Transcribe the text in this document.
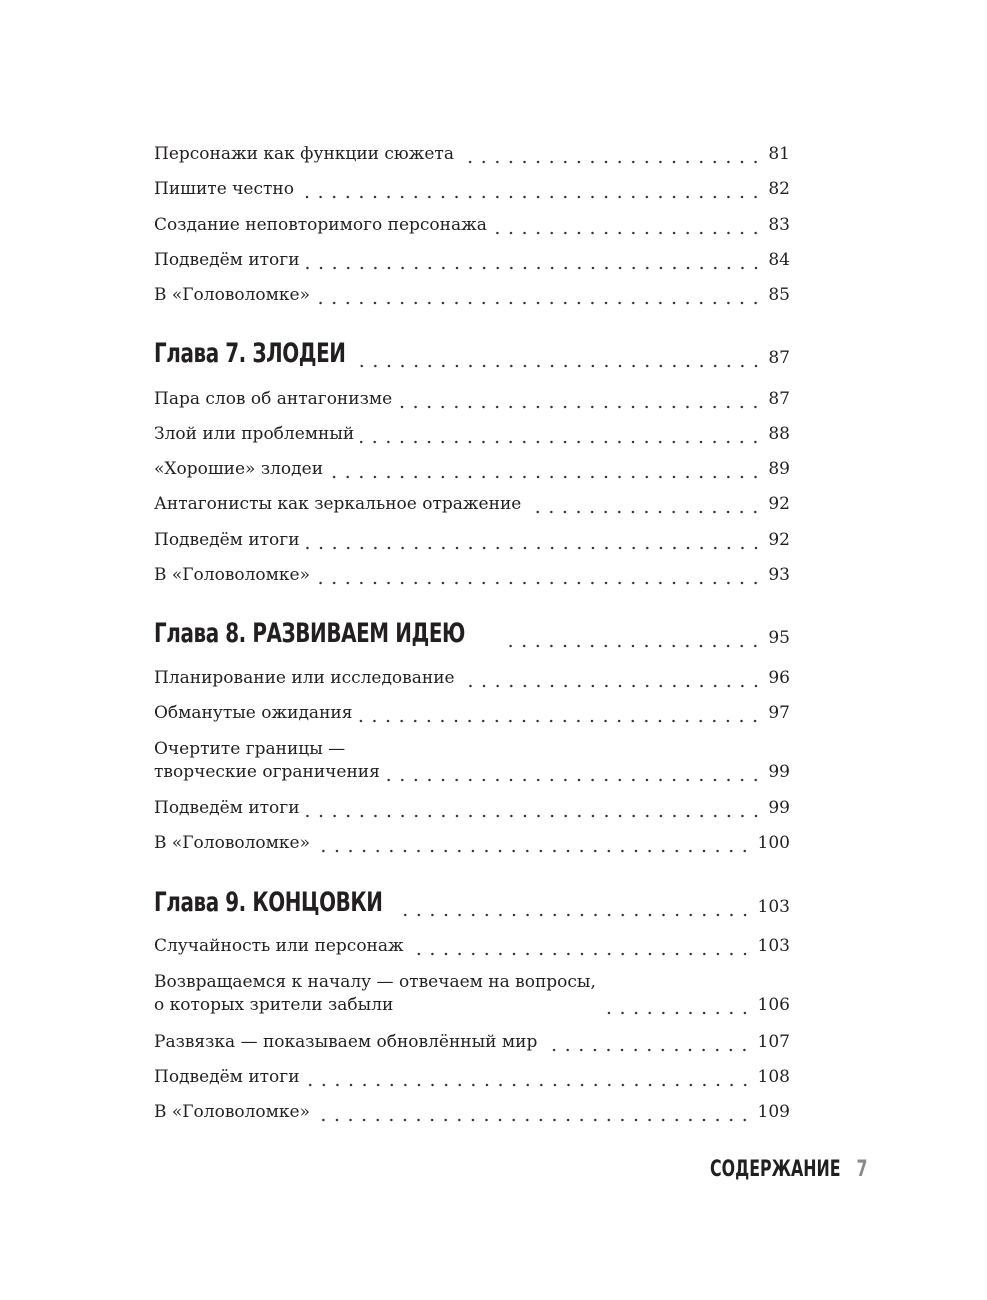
Персонажи как функции сюжета	81
Пишите честно	82
Создание неповторимого персонажа	83
Подведём итоги	84
В «Головоломке»	85
Глава 7. ЗЛОДЕИ	87
Пара слов об антагонизме	87
Злой или проблемный	88
«Хорошие» злодеи	89
Антагонисты как зеркальное отражение	92
Подведём итоги	92
В «Головоломке»	93
Глава 8. РАЗВИВАЕМ ИДЕЮ	95
Планирование или исследование	96
Обманутые ожидания	97
Очертите границы —
творческие ограничения	99
Подведём итоги	99
В «Головоломке»	100
Глава 9. КОНЦОВКИ	103
Случайность или персонаж	103
Возвращаемся к началу — отвечаем на вопросы,
о которых зрители забыли	106
Развязка — показываем обновлённый мир	107
Подведём итоги	108
В «Головоломке»	109
СОДЕРЖАНИЕ 7
